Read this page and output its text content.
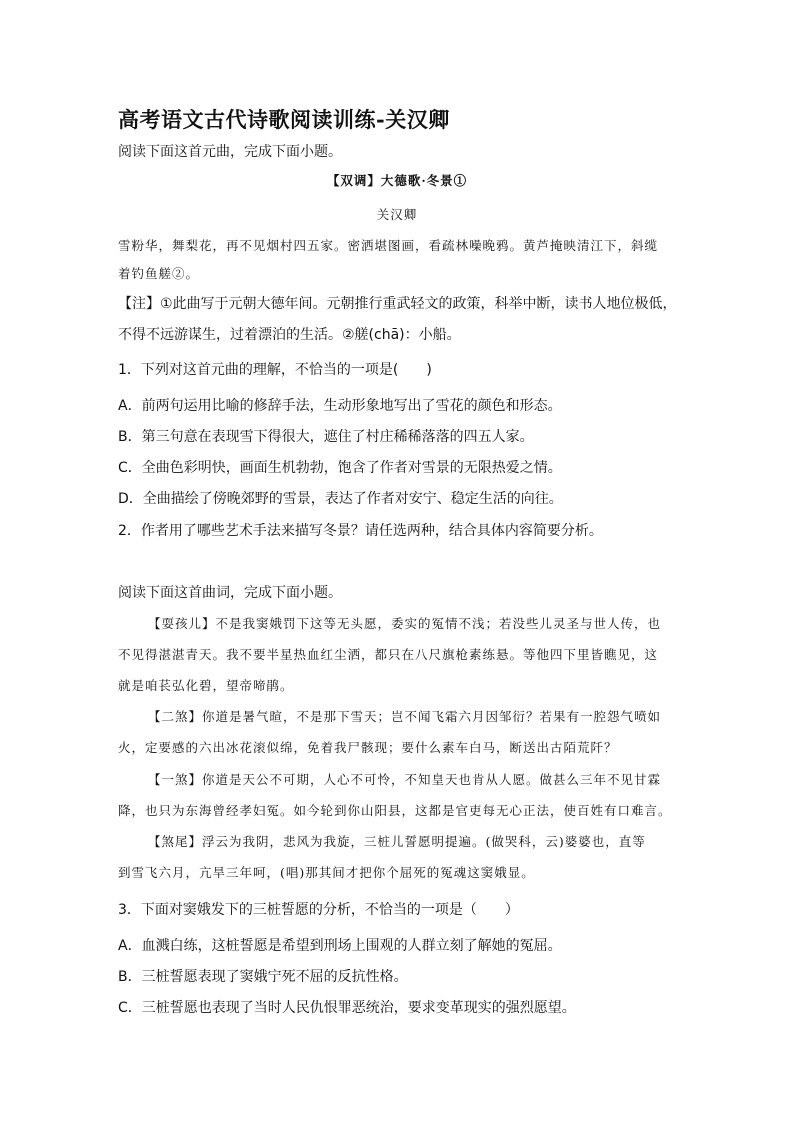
高考语文古代诗歌阅读训练-关汉卿
阅读下面这首元曲，完成下面小题。
【双调】大德歌·冬景①
关汉卿
雪粉华，舞梨花，再不见烟村四五家。密洒堪图画，看疏林噪晚鸦。黄芦掩映清江下，斜缆
着钓鱼艖②。
【注】①此曲写于元朝大德年间。元朝推行重武轻文的政策，科举中断，读书人地位极低，
不得不远游谋生，过着漂泊的生活。②艖(chā)：小船。
1．下列对这首元曲的理解，不恰当的一项是(　　)
A．前两句运用比喻的修辞手法，生动形象地写出了雪花的颜色和形态。
B．第三句意在表现雪下得很大，遮住了村庄稀稀落落的四五人家。
C．全曲色彩明快，画面生机勃勃，饱含了作者对雪景的无限热爱之情。
D．全曲描绘了傍晚郊野的雪景，表达了作者对安宁、稳定生活的向往。
2．作者用了哪些艺术手法来描写冬景？请任选两种，结合具体内容简要分析。
阅读下面这首曲词，完成下面小题。
【耍孩儿】不是我窦娥罚下这等无头愿，委实的冤情不浅；若没些儿灵圣与世人传，也
不见得湛湛青天。我不要半星热血红尘洒，都只在八尺旗枪素练悬。等他四下里皆瞧见，这
就是咱苌弘化碧，望帝啼鹃。
【二煞】你道是暑气暄，不是那下雪天；岂不闻飞霜六月因邹衍？若果有一腔怨气喷如
火，定要感的六出冰花滚似绵，免着我尸骸现；要什么素车白马，断送出古陌荒阡？
【一煞】你道是天公不可期，人心不可怜，不知皇天也肯从人愿。做甚么三年不见甘霖
降，也只为东海曾经孝妇冤。如今轮到你山阳县，这都是官吏每无心正法，使百姓有口难言。
【煞尾】浮云为我阴，悲风为我旋，三桩儿誓愿明提遍。(做哭科，云)婆婆也，直等
到雪飞六月，亢旱三年呵，(唱)那其间才把你个屈死的冤魂这窦娥显。
3．下面对窦娥发下的三桩誓愿的分析，不恰当的一项是（　　）
A．血溅白练，这桩誓愿是希望到刑场上围观的人群立刻了解她的冤屈。
B．三桩誓愿表现了窦娥宁死不屈的反抗性格。
C．三桩誓愿也表现了当时人民仇恨罪恶统治，要求变革现实的强烈愿望。
